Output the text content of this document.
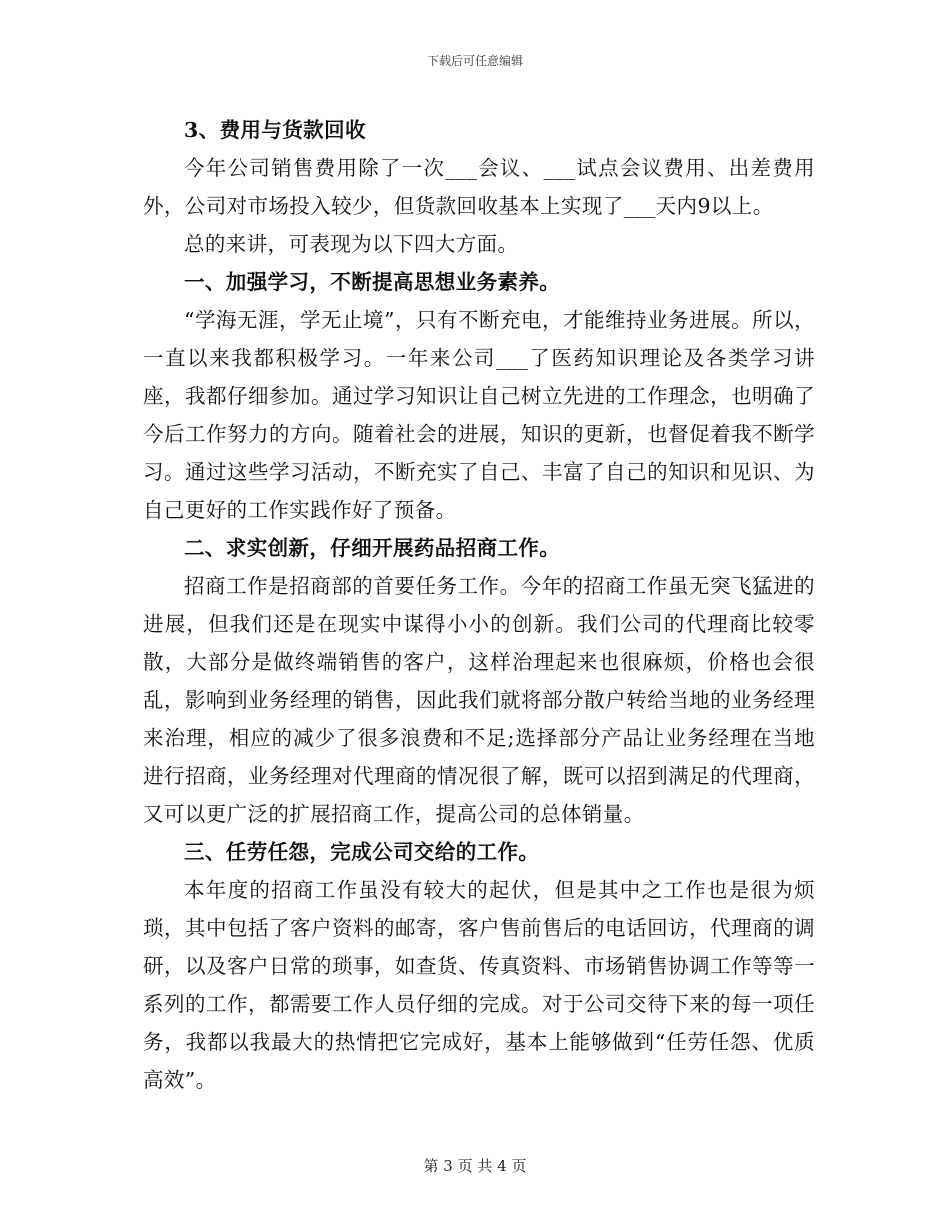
下载后可任意编辑

3、费用与货款回收

今年公司销售费用除了一次___会议、___试点会议费用、出差费用外，公司对市场投入较少，但货款回收基本上实现了___天内9以上。

总的来讲，可表现为以下四大方面。

一、加强学习，不断提高思想业务素养。

“学海无涯，学无止境”，只有不断充电，才能维持业务进展。所以，一直以来我都积极学习。一年来公司___了医药知识理论及各类学习讲座，我都仔细参加。通过学习知识让自己树立先进的工作理念，也明确了今后工作努力的方向。随着社会的进展，知识的更新，也督促着我不断学习。通过这些学习活动，不断充实了自己、丰富了自己的知识和见识、为自己更好的工作实践作好了预备。

二、求实创新，仔细开展药品招商工作。

招商工作是招商部的首要任务工作。今年的招商工作虽无突飞猛进的进展，但我们还是在现实中谋得小小的创新。我们公司的代理商比较零散，大部分是做终端销售的客户，这样治理起来也很麻烦，价格也会很乱，影响到业务经理的销售，因此我们就将部分散户转给当地的业务经理来治理，相应的减少了很多浪费和不足;选择部分产品让业务经理在当地进行招商，业务经理对代理商的情况很了解，既可以招到满足的代理商，又可以更广泛的扩展招商工作，提高公司的总体销量。

三、任劳任怨，完成公司交给的工作。

本年度的招商工作虽没有较大的起伏，但是其中之工作也是很为烦琐，其中包括了客户资料的邮寄，客户售前售后的电话回访，代理商的调研，以及客户日常的琐事，如查货、传真资料、市场销售协调工作等等一系列的工作，都需要工作人员仔细的完成。对于公司交待下来的每一项任务，我都以我最大的热情把它完成好，基本上能够做到“任劳任怨、优质高效”。

第 3 页 共 4 页
